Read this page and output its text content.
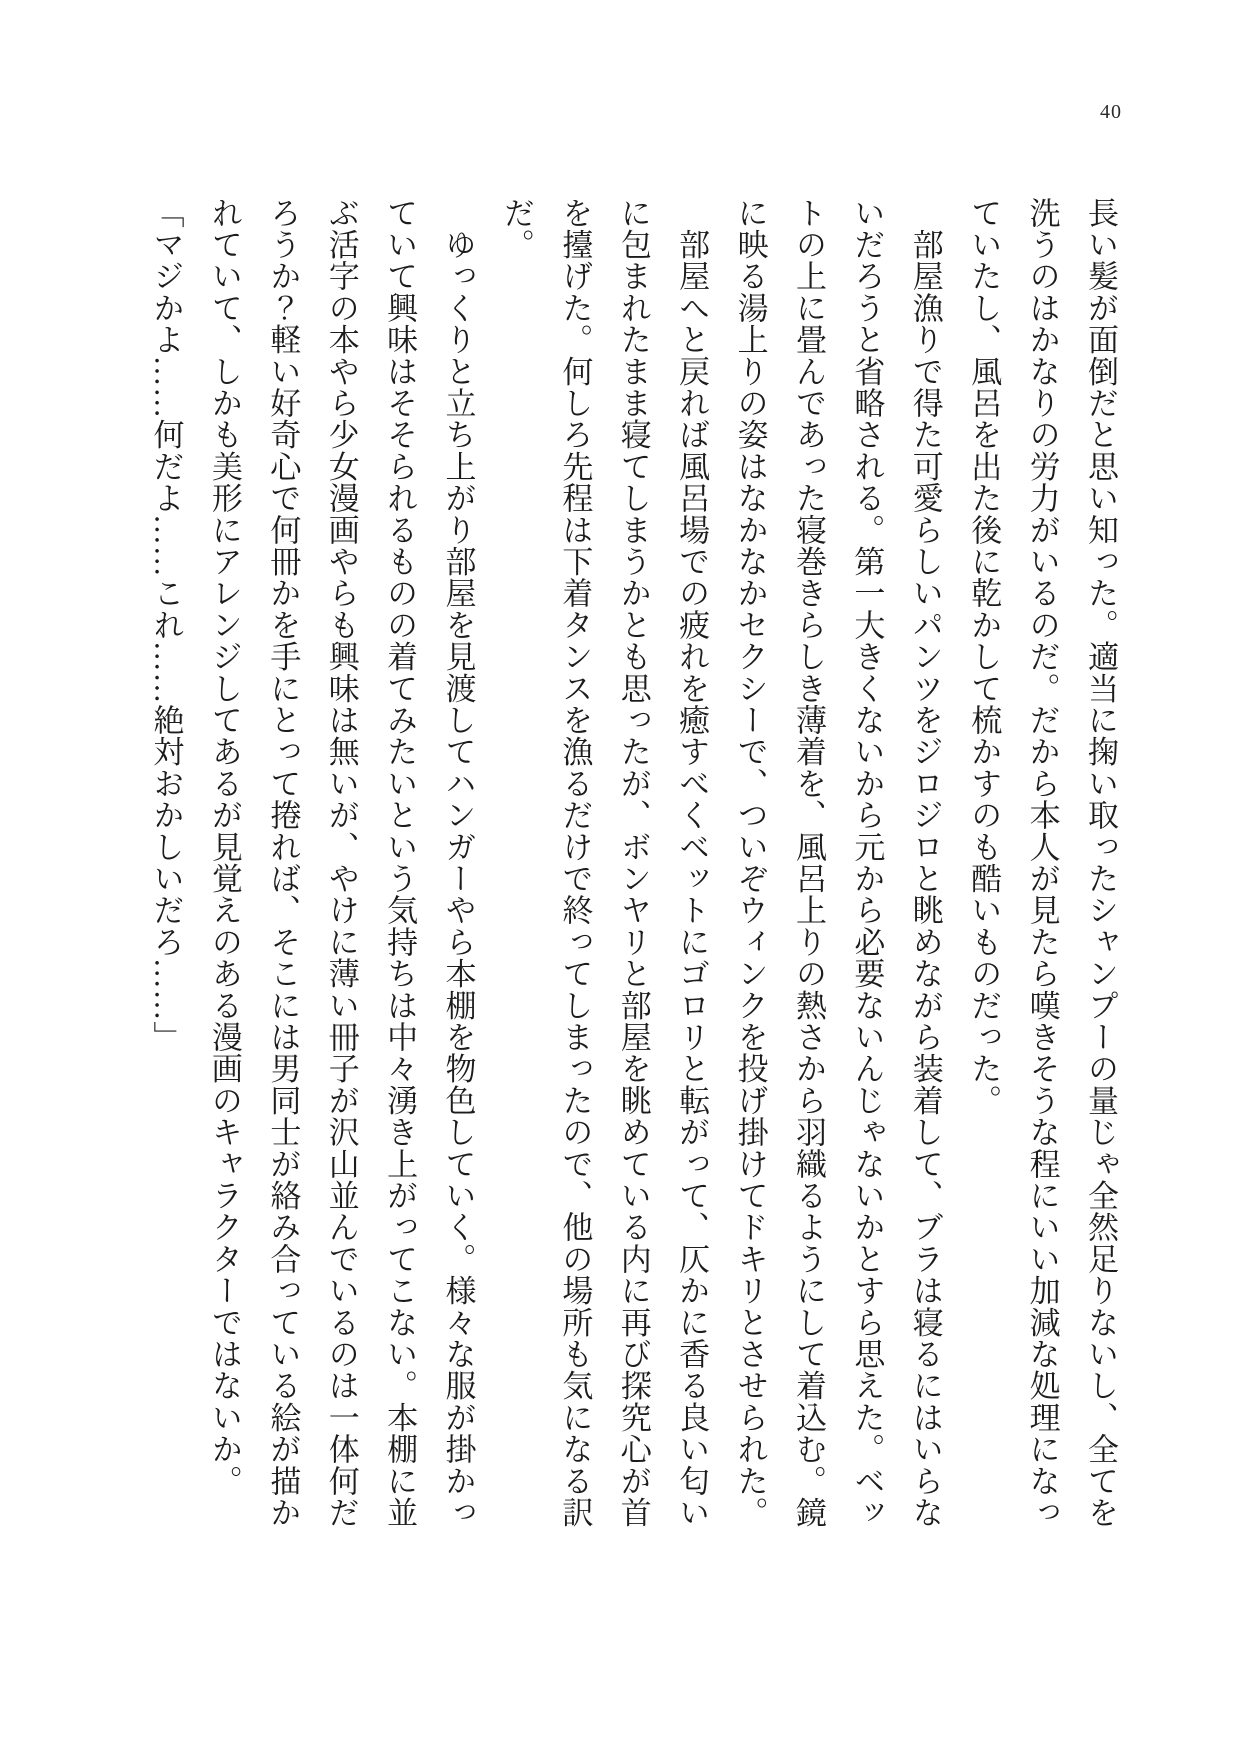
40

長い髪が面倒だと思い知った。適当に掬い取ったシャンプーの量じゃ全然足りないし、全てを洗うのはかなりの労力がいるのだ。だから本人が見たら嘆きそうな程にいい加減な処理になっていたし、風呂を出た後に乾かして梳かすのも酷いものだった。

　部屋漁りで得た可愛らしいパンツをジロジロと眺めながら装着して、ブラは寝るにはいらないだろうと省略される。第一大きくないから元から必要ないんじゃないかとすら思えた。ベットの上に畳んであった寝巻きらしき薄着を、風呂上りの熱さから羽織るようにして着込む。鏡に映る湯上りの姿はなかなかセクシーで、ついぞウィンクを投げ掛けてドキリとさせられた。

　部屋へと戻れば風呂場での疲れを癒すべくベットにゴロリと転がって、仄かに香る良い匂いに包まれたまま寝てしまうかとも思ったが、ボンヤリと部屋を眺めている内に再び探究心が首を擡げた。何しろ先程は下着タンスを漁るだけで終ってしまったので、他の場所も気になる訳だ。

　ゆっくりと立ち上がり部屋を見渡してハンガーやら本棚を物色していく。様々な服が掛かっていて興味はそそられるものの着てみたいという気持ちは中々湧き上がってこない。本棚に並ぶ活字の本やら少女漫画やらも興味は無いが、やけに薄い冊子が沢山並んでいるのは一体何だろうか？軽い好奇心で何冊かを手にとって捲れば、そこには男同士が絡み合っている絵が描かれていて、しかも美形にアレンジしてあるが見覚えのある漫画のキャラクターではないか。

「マジかよ……何だよ……これ……絶対おかしいだろ……」
